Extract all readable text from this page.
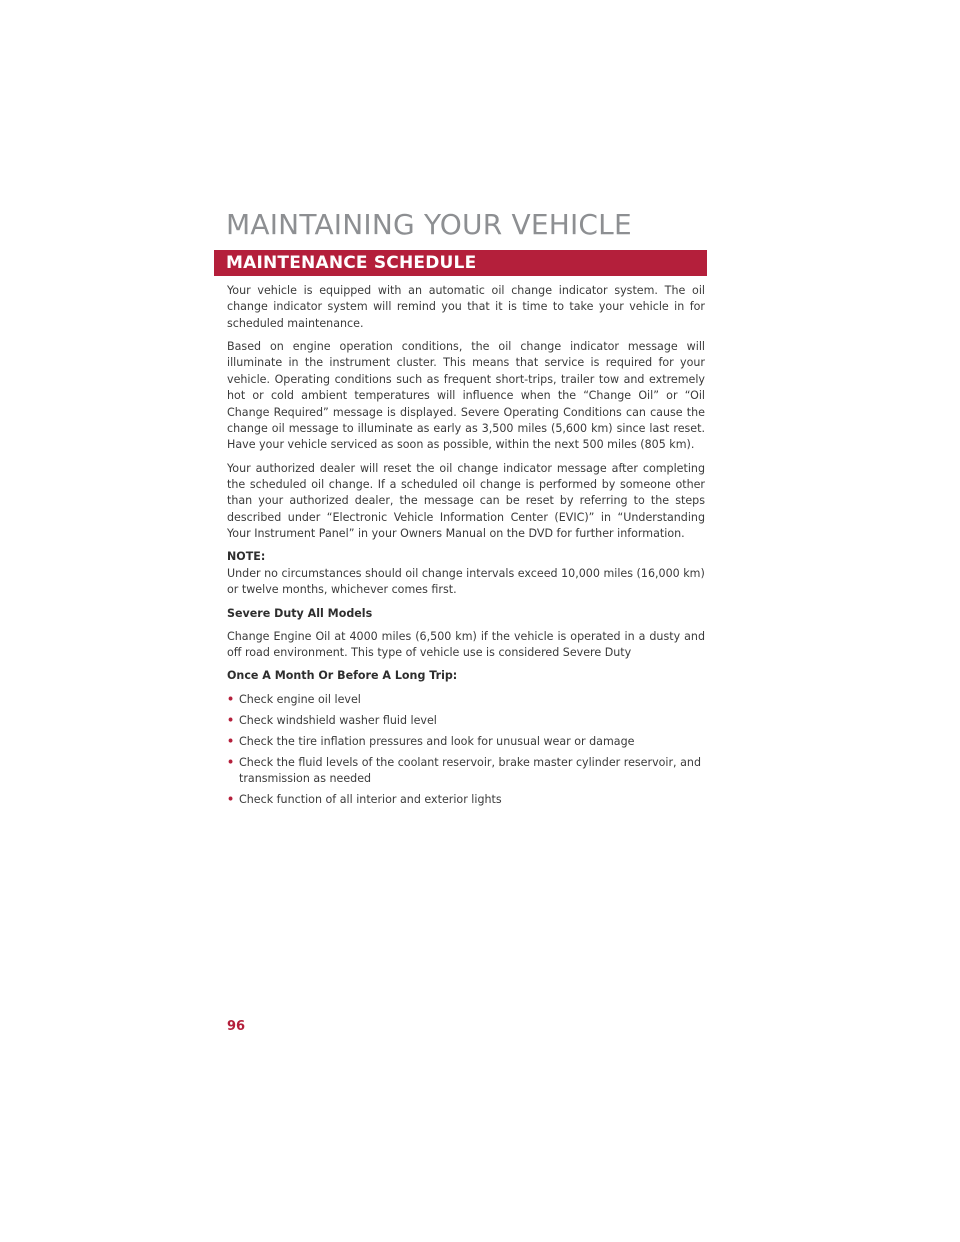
MAINTAINING YOUR VEHICLE
MAINTENANCE SCHEDULE

Your vehicle is equipped with an automatic oil change indicator system. The oil change indicator system will remind you that it is time to take your vehicle in for scheduled maintenance.

Based on engine operation conditions, the oil change indicator message will illuminate in the instrument cluster. This means that service is required for your vehicle. Operating conditions such as frequent short-trips, trailer tow and extremely hot or cold ambient temperatures will influence when the “Change Oil” or “Oil Change Required” message is displayed. Severe Operating Conditions can cause the change oil message to illuminate as early as 3,500 miles (5,600 km) since last reset. Have your vehicle serviced as soon as possible, within the next 500 miles (805 km).

Your authorized dealer will reset the oil change indicator message after completing the scheduled oil change. If a scheduled oil change is performed by someone other than your authorized dealer, the message can be reset by referring to the steps described under “Electronic Vehicle Information Center (EVIC)” in “Understanding Your Instrument Panel” in your Owners Manual on the DVD for further information.

NOTE:
Under no circumstances should oil change intervals exceed 10,000 miles (16,000 km) or twelve months, whichever comes first.

Severe Duty All Models

Change Engine Oil at 4000 miles (6,500 km) if the vehicle is operated in a dusty and off road environment. This type of vehicle use is considered Severe Duty

Once A Month Or Before A Long Trip:

• Check engine oil level
• Check windshield washer fluid level
• Check the tire inflation pressures and look for unusual wear or damage
• Check the fluid levels of the coolant reservoir, brake master cylinder reservoir, and transmission as needed
• Check function of all interior and exterior lights

96
